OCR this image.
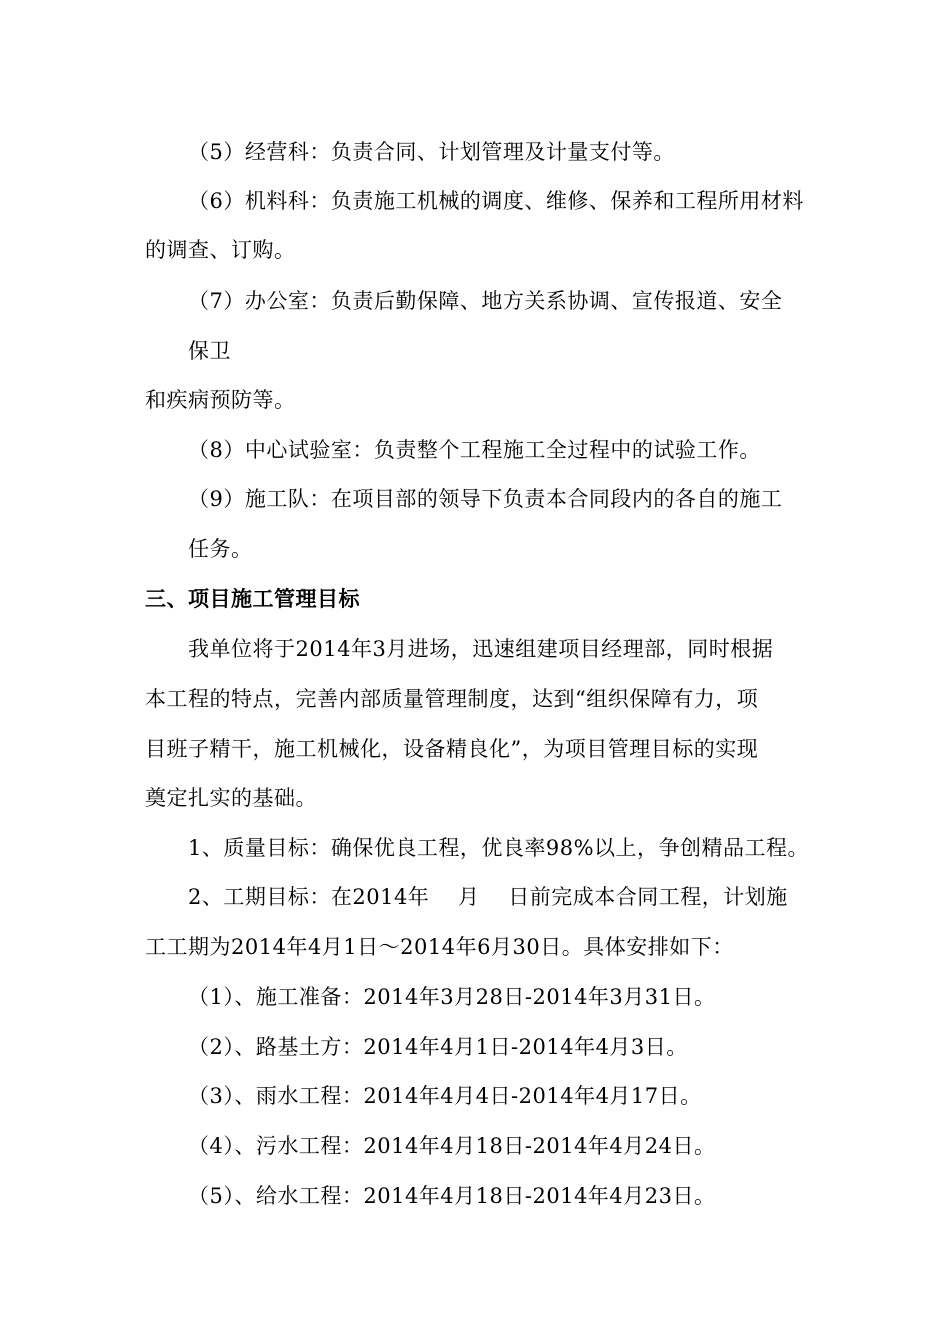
（5）经营科：负责合同、计划管理及计量支付等。
（6）机料科：负责施工机械的调度、维修、保养和工程所用材料
的调查、订购。
（7）办公室：负责后勤保障、地方关系协调、宣传报道、安全
保卫
和疾病预防等。
（8）中心试验室：负责整个工程施工全过程中的试验工作。
（9）施工队：在项目部的领导下负责本合同段内的各自的施工
任务。
三、项目施工管理目标
我单位将于2014年3月进场，迅速组建项目经理部，同时根据
本工程的特点，完善内部质量管理制度，达到“组织保障有力，项
目班子精干，施工机械化，设备精良化”，为项目管理目标的实现
奠定扎实的基础。
1、质量目标：确保优良工程，优良率98%以上，争创精品工程。
2、工期目标：在2014年    月    日前完成本合同工程，计划施
工工期为2014年4月1日～2014年6月30日。具体安排如下：
（1）、施工准备：2014年3月28日-2014年3月31日。
（2）、路基土方：2014年4月1日-2014年4月3日。
（3）、雨水工程：2014年4月4日-2014年4月17日。
（4）、污水工程：2014年4月18日-2014年4月24日。
（5）、给水工程：2014年4月18日-2014年4月23日。
